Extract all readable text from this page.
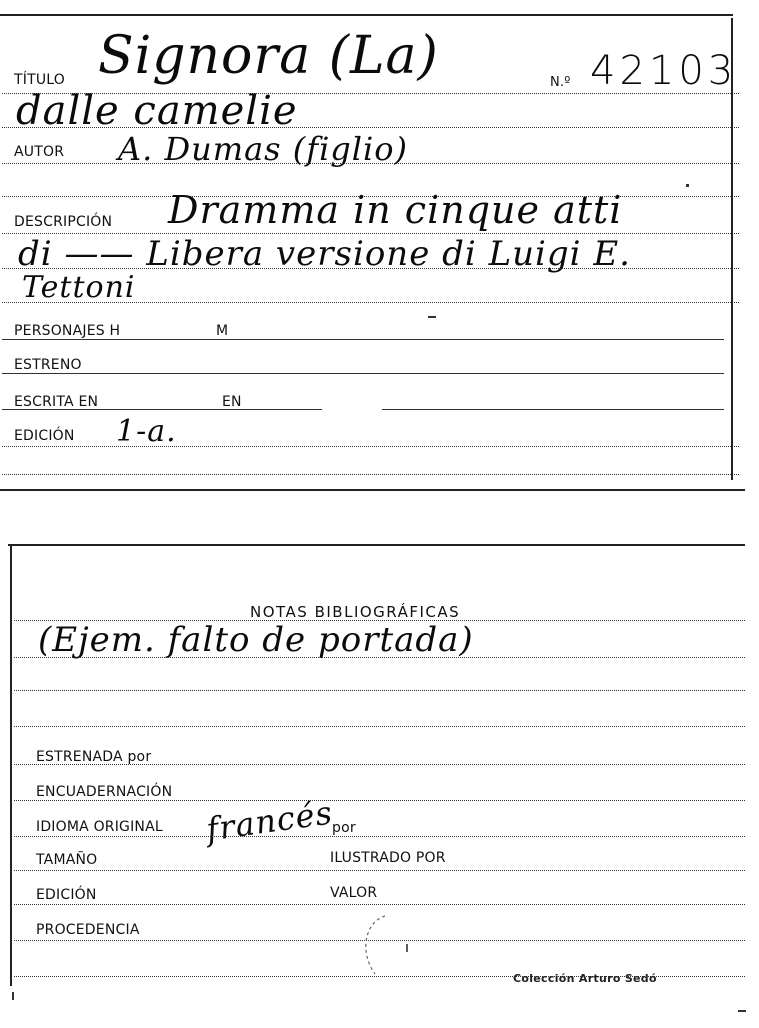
TÍTULO Signora (La)	N.º 42103
dalle camelie
AUTOR A. Dumas (figlio)
DESCRIPCIÓN Dramma in cinque atti
di —— Libera versione di Luigi E.
Tettoni
PERSONAJES H	M
ESTRENO
ESCRITA EN	EN
EDICIÓN 1-a.
NOTAS BIBLIOGRÁFICAS
(Ejem. falto de portada)
ESTRENADA por
ENCUADERNACIÓN
IDIOMA ORIGINAL francés
por
TAMAÑO	ILUSTRADO POR
EDICIÓN	VALOR
PROCEDENCIA
Colección Arturo Sedó
